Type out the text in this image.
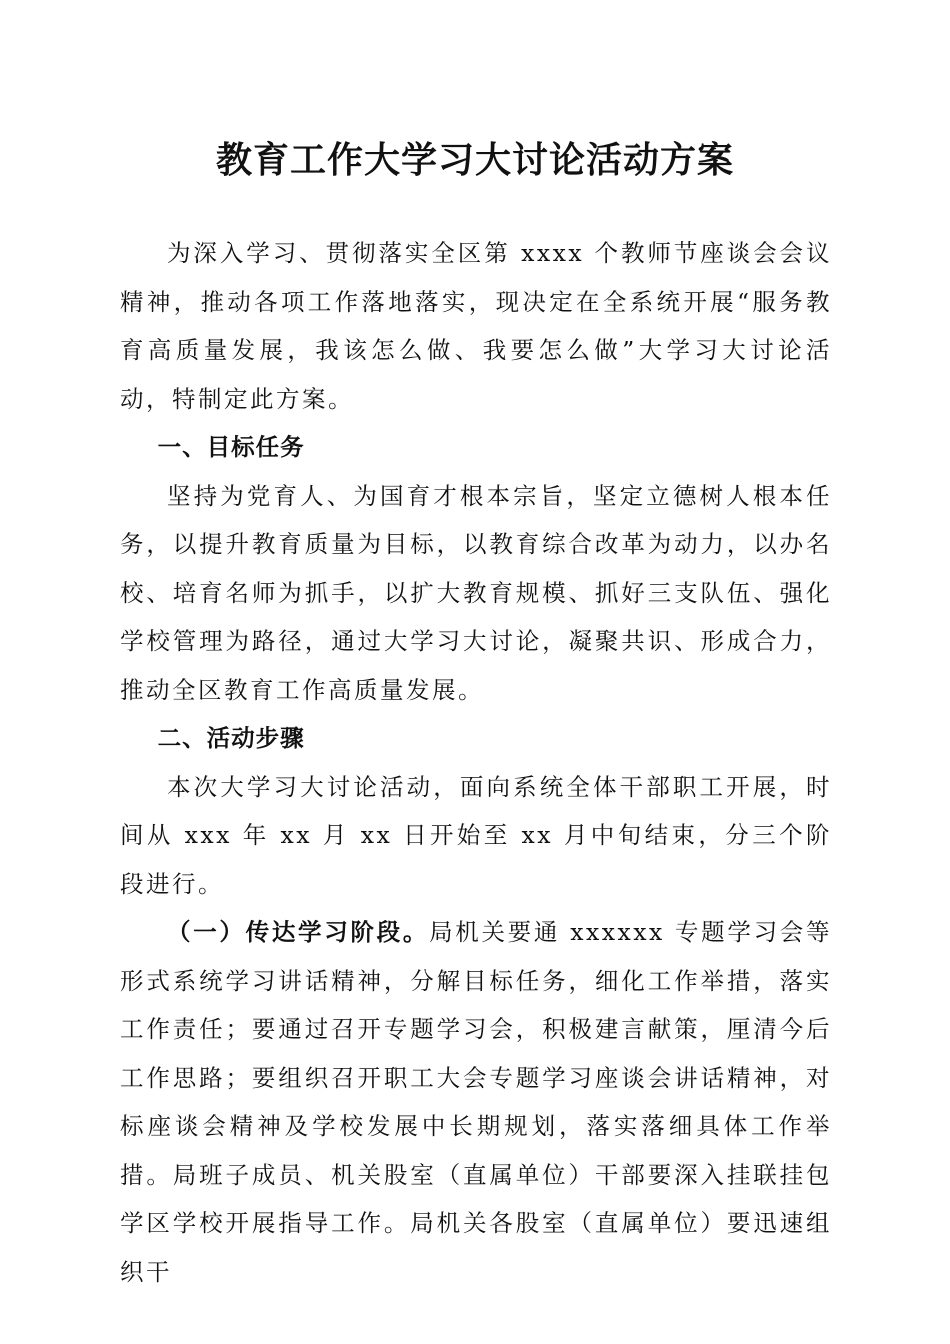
教育工作大学习大讨论活动方案

为深入学习、贯彻落实全区第 xxxx 个教师节座谈会会议精神，推动各项工作落地落实，现决定在全系统开展“服务教育高质量发展，我该怎么做、我要怎么做”大学习大讨论活动，特制定此方案。

一、目标任务

坚持为党育人、为国育才根本宗旨，坚定立德树人根本任务，以提升教育质量为目标，以教育综合改革为动力，以办名校、培育名师为抓手，以扩大教育规模、抓好三支队伍、强化学校管理为路径，通过大学习大讨论，凝聚共识、形成合力，推动全区教育工作高质量发展。

二、活动步骤

本次大学习大讨论活动，面向系统全体干部职工开展，时间从 xxx 年 xx 月 xx 日开始至 xx 月中旬结束，分三个阶段进行。

（一）传达学习阶段。局机关要通 xxxxxx 专题学习会等形式系统学习讲话精神，分解目标任务，细化工作举措，落实工作责任；要通过召开专题学习会，积极建言献策，厘清今后工作思路；要组织召开职工大会专题学习座谈会讲话精神，对标座谈会精神及学校发展中长期规划，落实落细具体工作举措。局班子成员、机关股室（直属单位）干部要深入挂联挂包学区学校开展指导工作。局机关各股室（直属单位）要迅速组织干
